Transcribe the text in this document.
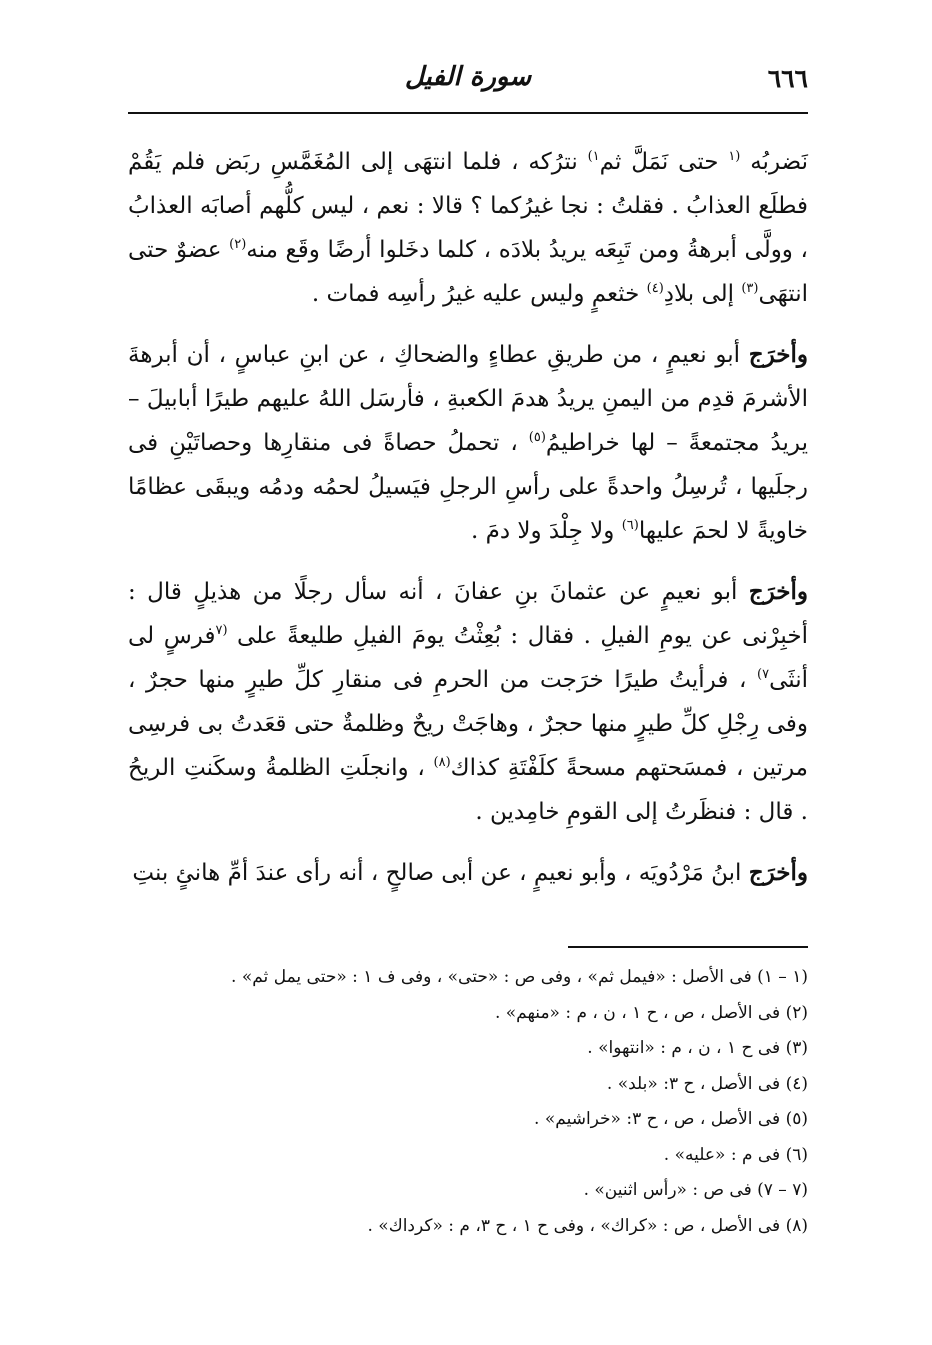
٦٦٦
سورة الفيل

نَضربُه $^{(١}$ حتى نَمَلَّ ثم$^{١)}$ نترُكه ، فلما انتهَى إلى المُغَمَّسِ ربَض فلم يَقُمْ فطلَع العذابُ . فقلتُ : نجا غيرُكما ؟ قالا : نعم ، ليس كلُّهم أصابَه العذابُ ، وولَّى أبرهةُ ومن تَبِعَه يريدُ بلادَه ، كلما دخَلوا أرضًا وقَع منه$^{(٢)}$ عضوٌ حتى انتهَى$^{(٣)}$ إلى بلادِ$^{(٤)}$ خثعمٍ وليس عليه غيرُ رأسِه فمات .

وأخرَج أبو نعيمٍ ، من طريقِ عطاءٍ والضحاكِ ، عن ابنِ عباسٍ ، أن أبرهةَ الأشرمَ قدِم من اليمنِ يريدُ هدمَ الكعبةِ ، فأرسَل اللهُ عليهم طيرًا أبابيلَ – يريدُ مجتمعةً – لها خراطيمُ$^{(٥)}$ ، تحملُ حصاةً فى منقارِها وحصاتَيْنِ فى رجلَيها ، تُرسِلُ واحدةً على رأسِ الرجلِ فيَسيلُ لحمُه ودمُه ويبقَى عظامًا خاويةً لا لحمَ عليها$^{(٦)}$ ولا جِلْدَ ولا دمَ .

وأخرَج أبو نعيمٍ عن عثمانَ بنِ عفانَ ، أنه سأل رجلًا من هذيلٍ قال : أخبِرْنى عن يومِ الفيلِ . فقال : بُعِثْتُ يومَ الفيلِ طليعةً على $^{(٧}$فرسٍ لى أنثَى$^{٧)}$ ، فرأيتُ طيرًا خرَجت من الحرمِ فى منقارِ كلِّ طيرٍ منها حجرٌ ، وفى رِجْلِ كلِّ طيرٍ منها حجرٌ ، وهاجَتْ ريحٌ وظلمةٌ حتى قعَدتُ بى فرسِى مرتين ، فمسَحتهم مسحةً كلَفْتَةِ كذاك$^{(٨)}$ ، وانجلَتِ الظلمةُ وسكَنتِ الريحُ . قال : فنظَرتُ إلى القومِ خامِدين .

وأخرَج ابنُ مَرْدُويَه ، وأبو نعيمٍ ، عن أبى صالحٍ ، أنه رأى عندَ أمِّ هانئٍ بنتِ

(١ – ١) فى الأصل : «فيمل ثم» ، وفى ص : «حتى» ، وفى ف ١ : «حتى يمل ثم» .
(٢) فى الأصل ، ص ، ح ١ ، ن ، م : «منهم» .
(٣) فى ح ١ ، ن ، م : «انتهوا» .
(٤) فى الأصل ، ح ٣: «بلد» .
(٥) فى الأصل ، ص ، ح ٣: «خراشيم» .
(٦) فى م : «عليه» .
(٧ – ٧) فى ص : «رأس اثنين» .
(٨) فى الأصل ، ص : «كراك» ، وفى ح ١ ، ح ٣، م : «كرداك» .
